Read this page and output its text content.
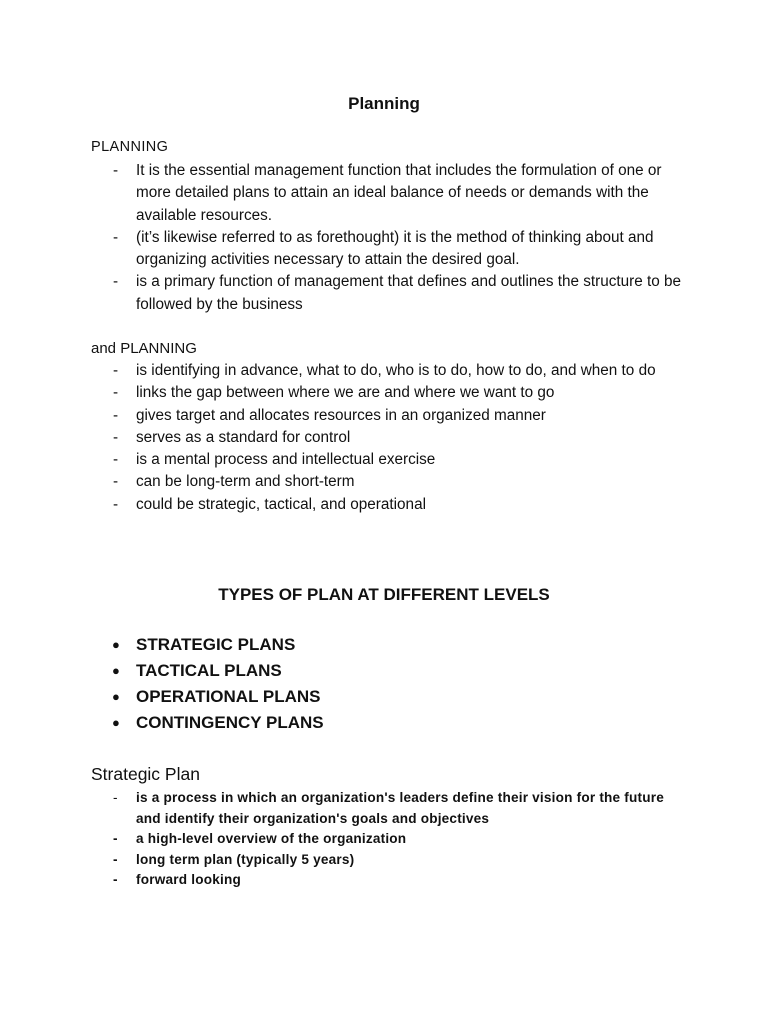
Planning
PLANNING
- It is the essential management function that includes the formulation of one or more detailed plans to attain an ideal balance of needs or demands with the available resources.
- (it’s likewise referred to as forethought) it is the method of thinking about and organizing activities necessary to attain the desired goal.
- is a primary function of management that defines and outlines the structure to be followed by the business
and PLANNING
- is identifying in advance, what to do, who is to do, how to do, and when to do
- links the gap between where we are and where we want to go
- gives target and allocates resources in an organized manner
- serves as a standard for control
- is a mental process and intellectual exercise
- can be long-term and short-term
- could be strategic, tactical, and operational
TYPES OF PLAN AT DIFFERENT LEVELS
● STRATEGIC PLANS
● TACTICAL PLANS
● OPERATIONAL PLANS
● CONTINGENCY PLANS
Strategic Plan
- is a process in which an organization's leaders define their vision for the future and identify their organization's goals and objectives
- a high-level overview of the organization
- long term plan (typically 5 years)
- forward looking
